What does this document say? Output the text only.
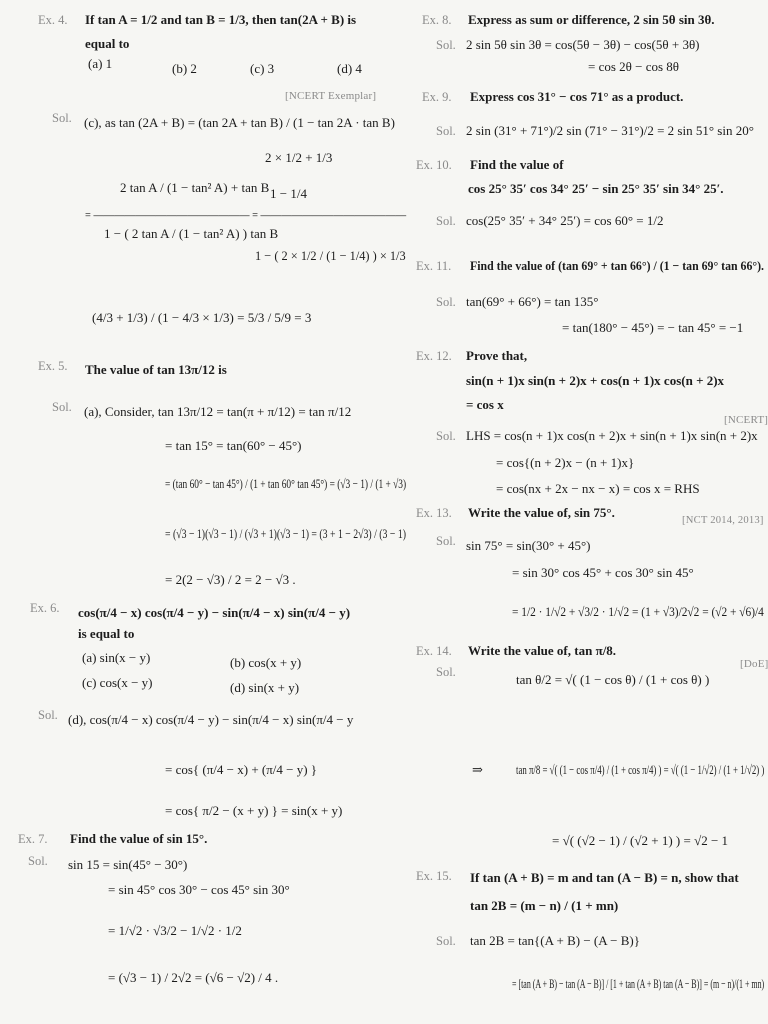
Ex. 4. If tan A = 1/2 and tan B = 1/3, then tan(2A + B) is
equal to
(a) 1	(b) 2	(c) 3	(d) 4
[NCERT Exemplar]
Sol. (c), as tan (2A + B) = (tan 2A + tan B) / (1 − tan 2A · tan B)
2 × 1/2 + 1/3
2 tan A / (1 − tan² A) + tan B 1 − 1/4
= ——————————————— = ——————————————
1 − ( 2 tan A / (1 − tan² A) ) tan B
1 − ( 2 × 1/2 / (1 − 1/4) ) × 1/3
(4/3 + 1/3) / (1 − 4/3 × 1/3) = 5/3 / 5/9 = 3
Ex. 5. The value of tan 13π/12 is
Sol. (a), Consider, tan 13π/12 = tan(π + π/12) = tan π/12
= tan 15° = tan(60° − 45°)
= (tan 60° − tan 45°) / (1 + tan 60° tan 45°) = (√3 − 1) / (1 + √3)
= (√3 − 1)(√3 − 1) / (√3 + 1)(√3 − 1) = (3 + 1 − 2√3) / (3 − 1)
= 2(2 − √3) / 2 = 2 − √3 .
Ex. 6. cos(π/4 − x) cos(π/4 − y) − sin(π/4 − x) sin(π/4 − y)
is equal to
(a) sin(x − y)	(b) cos(x + y)
(c) cos(x − y)	(d) sin(x + y)
Sol. (d), cos(π/4 − x) cos(π/4 − y) − sin(π/4 − x) sin(π/4 − y
= cos{ (π/4 − x) + (π/4 − y) }
= cos{ π/2 − (x + y) } = sin(x + y)
Ex. 7. Find the value of sin 15°.
Sol. sin 15 = sin(45° − 30°)
= sin 45° cos 30° − cos 45° sin 30°
= 1/√2 · √3/2 − 1/√2 · 1/2
= (√3 − 1) / 2√2 = (√6 − √2) / 4 .
Ex. 8. Express as sum or difference, 2 sin 5θ sin 3θ.
Sol. 2 sin 5θ sin 3θ = cos(5θ − 3θ) − cos(5θ + 3θ)
= cos 2θ − cos 8θ
Ex. 9. Express cos 31° − cos 71° as a product.
Sol. 2 sin (31° + 71°)/2 sin (71° − 31°)/2 = 2 sin 51° sin 20°
Ex. 10. Find the value of
cos 25° 35′ cos 34° 25′ − sin 25° 35′ sin 34° 25′.
Sol. cos(25° 35′ + 34° 25′) = cos 60° = 1/2
Ex. 11. Find the value of (tan 69° + tan 66°) / (1 − tan 69° tan 66°).
Sol. tan(69° + 66°) = tan 135°
= tan(180° − 45°) = − tan 45° = −1
Ex. 12. Prove that,
sin(n + 1)x sin(n + 2)x + cos(n + 1)x cos(n + 2)x
= cos x
[NCERT]
Sol. LHS = cos(n + 1)x cos(n + 2)x + sin(n + 1)x sin(n + 2)x
= cos{(n + 2)x − (n + 1)x}
= cos(nx + 2x − nx − x) = cos x = RHS
Ex. 13. Write the value of, sin 75°.	[NCT 2014, 2013]
Sol. sin 75° = sin(30° + 45°)
= sin 30° cos 45° + cos 30° sin 45°
= 1/2 · 1/√2 + √3/2 · 1/√2 = (1 + √3)/2√2 = (√2 + √6)/4
Ex. 14. Write the value of, tan π/8.
[DoE]
Sol.	tan θ/2 = √( (1 − cos θ) / (1 + cos θ) )
⇒	tan π/8 = √( (1 − cos π/4) / (1 + cos π/4) ) = √( (1 − 1/√2) / (1 + 1/√2) )
= √( (√2 − 1) / (√2 + 1) ) = √2 − 1
Ex. 15. If tan (A + B) = m and tan (A − B) = n, show that
tan 2B = (m − n) / (1 + mn)
Sol. tan 2B = tan{(A + B) − (A − B)}
= [tan (A + B) − tan (A − B)] / [1 + tan (A + B) tan (A − B)] = (m − n)/(1 + mn)
